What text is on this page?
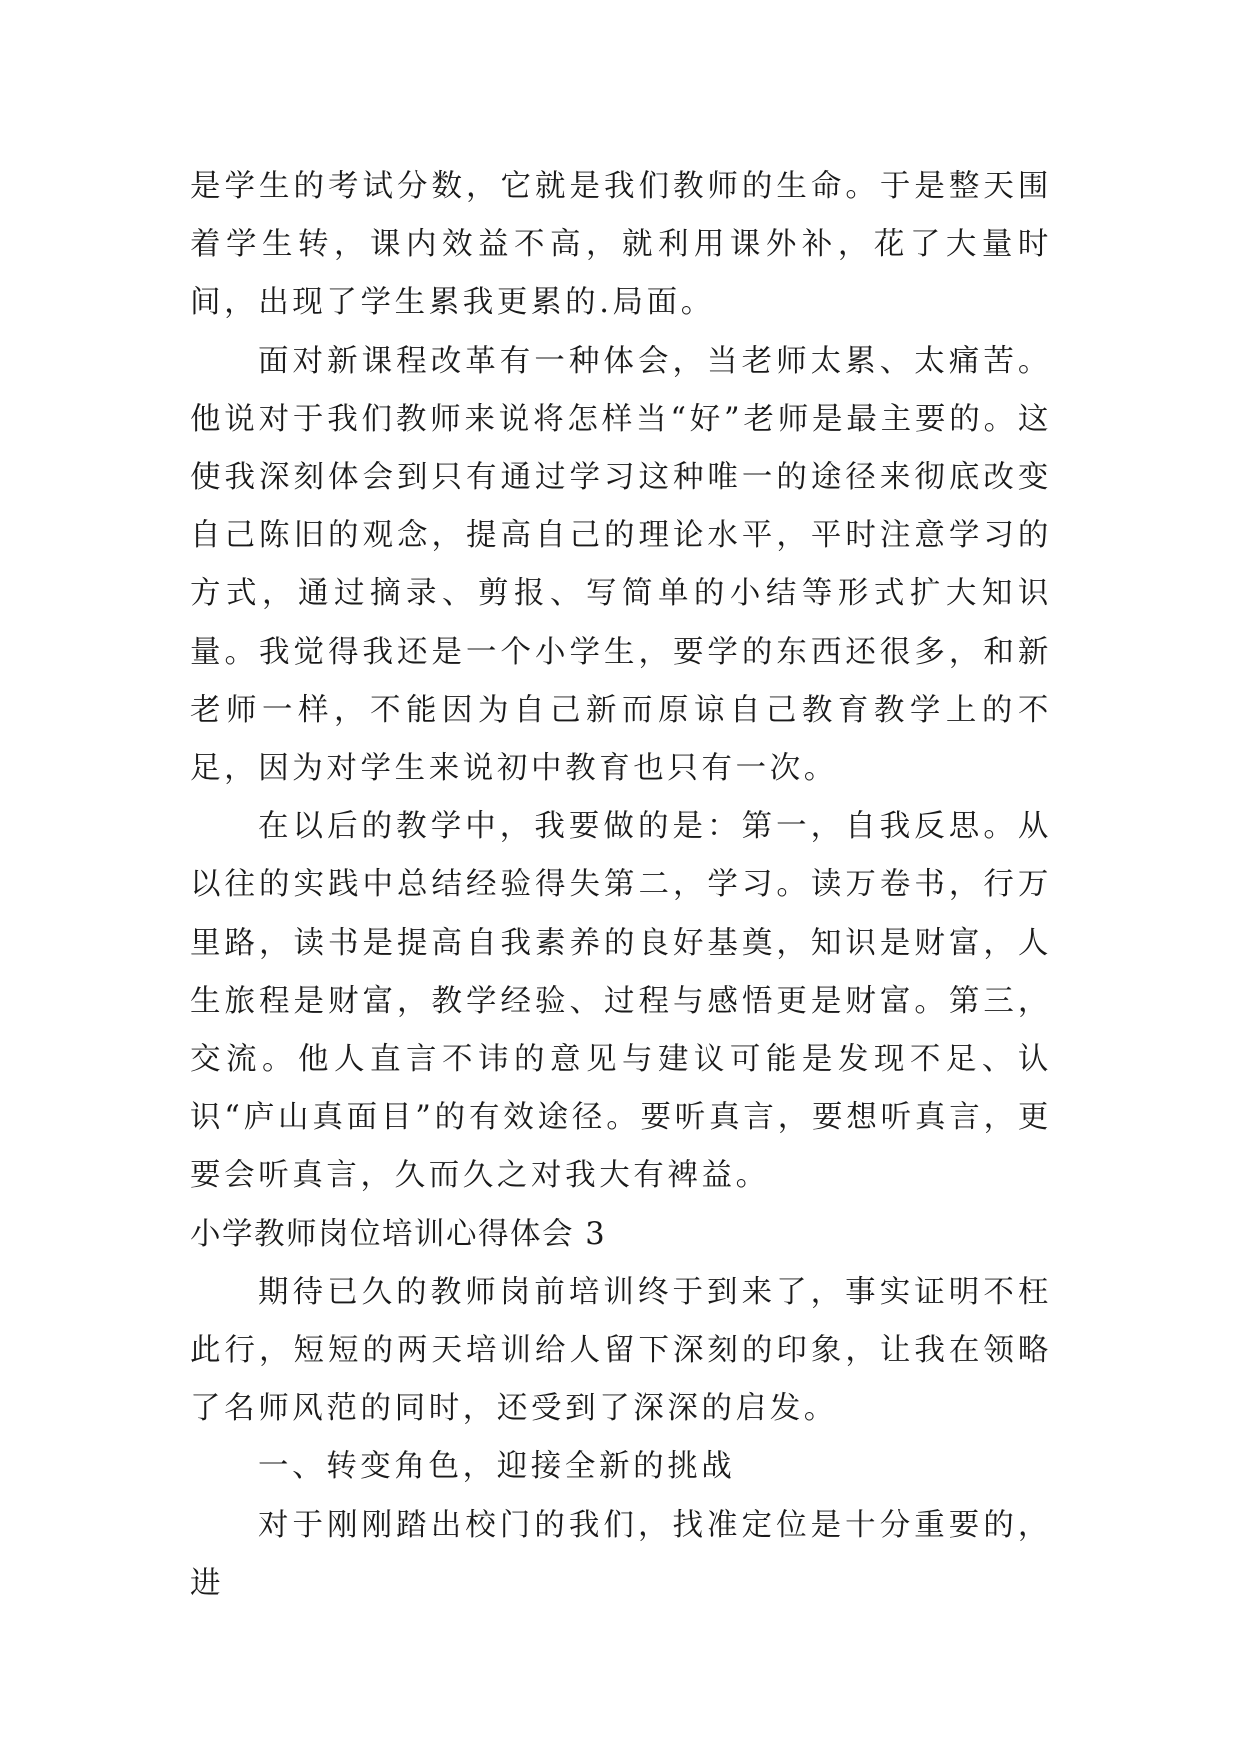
是学生的考试分数，它就是我们教师的生命。于是整天围着学生转，课内效益不高，就利用课外补，花了大量时间，出现了学生累我更累的.局面。

面对新课程改革有一种体会，当老师太累、太痛苦。他说对于我们教师来说将怎样当“好”老师是最主要的。这使我深刻体会到只有通过学习这种唯一的途径来彻底改变自己陈旧的观念，提高自己的理论水平，平时注意学习的方式，通过摘录、剪报、写简单的小结等形式扩大知识量。我觉得我还是一个小学生，要学的东西还很多，和新老师一样，不能因为自己新而原谅自己教育教学上的不足，因为对学生来说初中教育也只有一次。

在以后的教学中，我要做的是：第一，自我反思。从以往的实践中总结经验得失第二，学习。读万卷书，行万里路，读书是提高自我素养的良好基奠，知识是财富，人生旅程是财富，教学经验、过程与感悟更是财富。第三，交流。他人直言不讳的意见与建议可能是发现不足、认识“庐山真面目”的有效途径。要听真言，要想听真言，更要会听真言，久而久之对我大有裨益。

小学教师岗位培训心得体会 3

期待已久的教师岗前培训终于到来了，事实证明不枉此行，短短的两天培训给人留下深刻的印象，让我在领略了名师风范的同时，还受到了深深的启发。

一、转变角色，迎接全新的挑战

对于刚刚踏出校门的我们，找准定位是十分重要的，进
